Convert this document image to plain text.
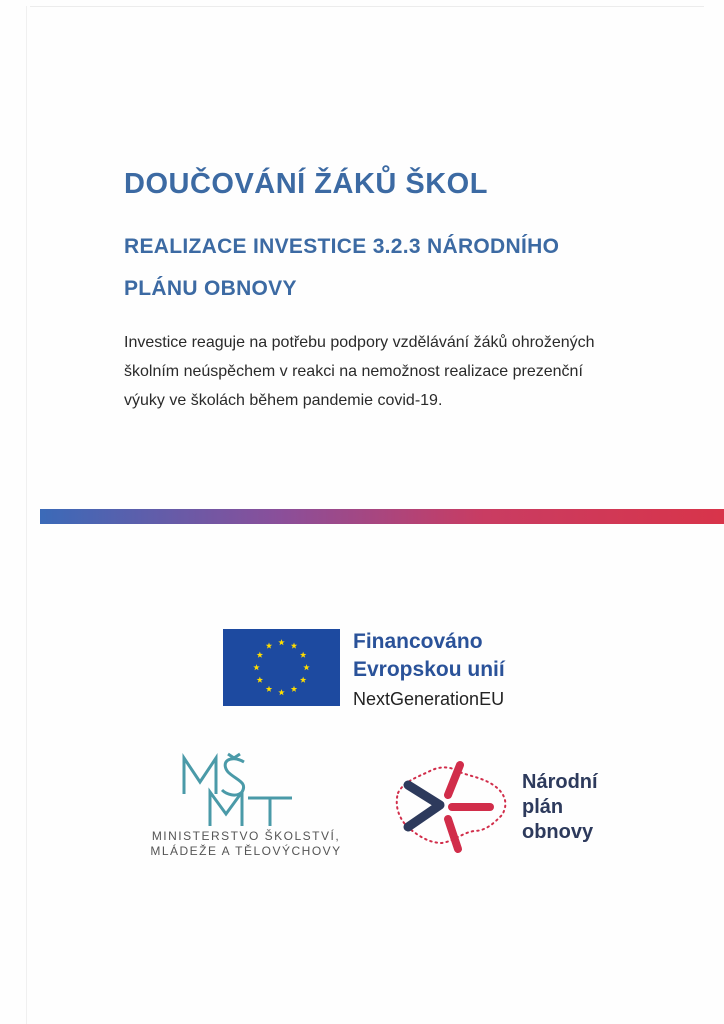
DOUČOVÁNÍ ŽÁKŮ ŠKOL
REALIZACE INVESTICE 3.2.3 NÁRODNÍHO
PLÁNU OBNOVY

Investice reaguje na potřebu podpory vzdělávání žáků ohrožených
školním neúspěchem v reakci na nemožnost realizace prezenční
výuky ve školách během pandemie covid-19.

Financováno

Evropskou unií

NextGenerationEU

MINISTERSTVO ŠKOLSTVÍ,

MLÁDEŽE A TĚLOVÝCHOVY

Národní

plán

obnovy
